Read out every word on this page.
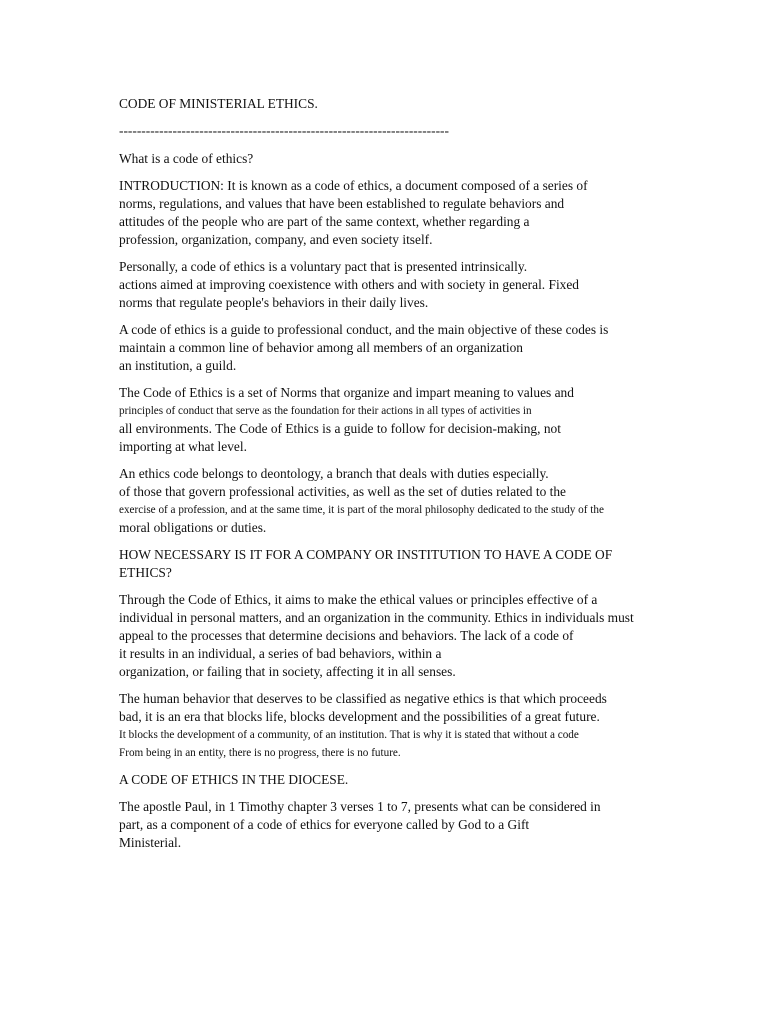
CODE OF MINISTERIAL ETHICS.
--------------------------------------------------------------------------
What is a code of ethics?
INTRODUCTION: It is known as a code of ethics, a document composed of a series of
norms, regulations, and values that have been established to regulate behaviors and
attitudes of the people who are part of the same context, whether regarding a
profession, organization, company, and even society itself.
Personally, a code of ethics is a voluntary pact that is presented intrinsically.
actions aimed at improving coexistence with others and with society in general. Fixed
norms that regulate people's behaviors in their daily lives.
A code of ethics is a guide to professional conduct, and the main objective of these codes is
maintain a common line of behavior among all members of an organization
an institution, a guild.
The Code of Ethics is a set of Norms that organize and impart meaning to values and
principles of conduct that serve as the foundation for their actions in all types of activities in
all environments. The Code of Ethics is a guide to follow for decision-making, not
importing at what level.
An ethics code belongs to deontology, a branch that deals with duties especially.
of those that govern professional activities, as well as the set of duties related to the
exercise of a profession, and at the same time, it is part of the moral philosophy dedicated to the study of the
moral obligations or duties.
HOW NECESSARY IS IT FOR A COMPANY OR INSTITUTION TO HAVE A CODE OF
ETHICS?
Through the Code of Ethics, it aims to make the ethical values or principles effective of a
individual in personal matters, and an organization in the community. Ethics in individuals must
appeal to the processes that determine decisions and behaviors. The lack of a code of
it results in an individual, a series of bad behaviors, within a
organization, or failing that in society, affecting it in all senses.
The human behavior that deserves to be classified as negative ethics is that which proceeds
bad, it is an era that blocks life, blocks development and the possibilities of a great future.
It blocks the development of a community, of an institution. That is why it is stated that without a code
From being in an entity, there is no progress, there is no future.
A CODE OF ETHICS IN THE DIOCESE.
The apostle Paul, in 1 Timothy chapter 3 verses 1 to 7, presents what can be considered in
part, as a component of a code of ethics for everyone called by God to a Gift
Ministerial.
